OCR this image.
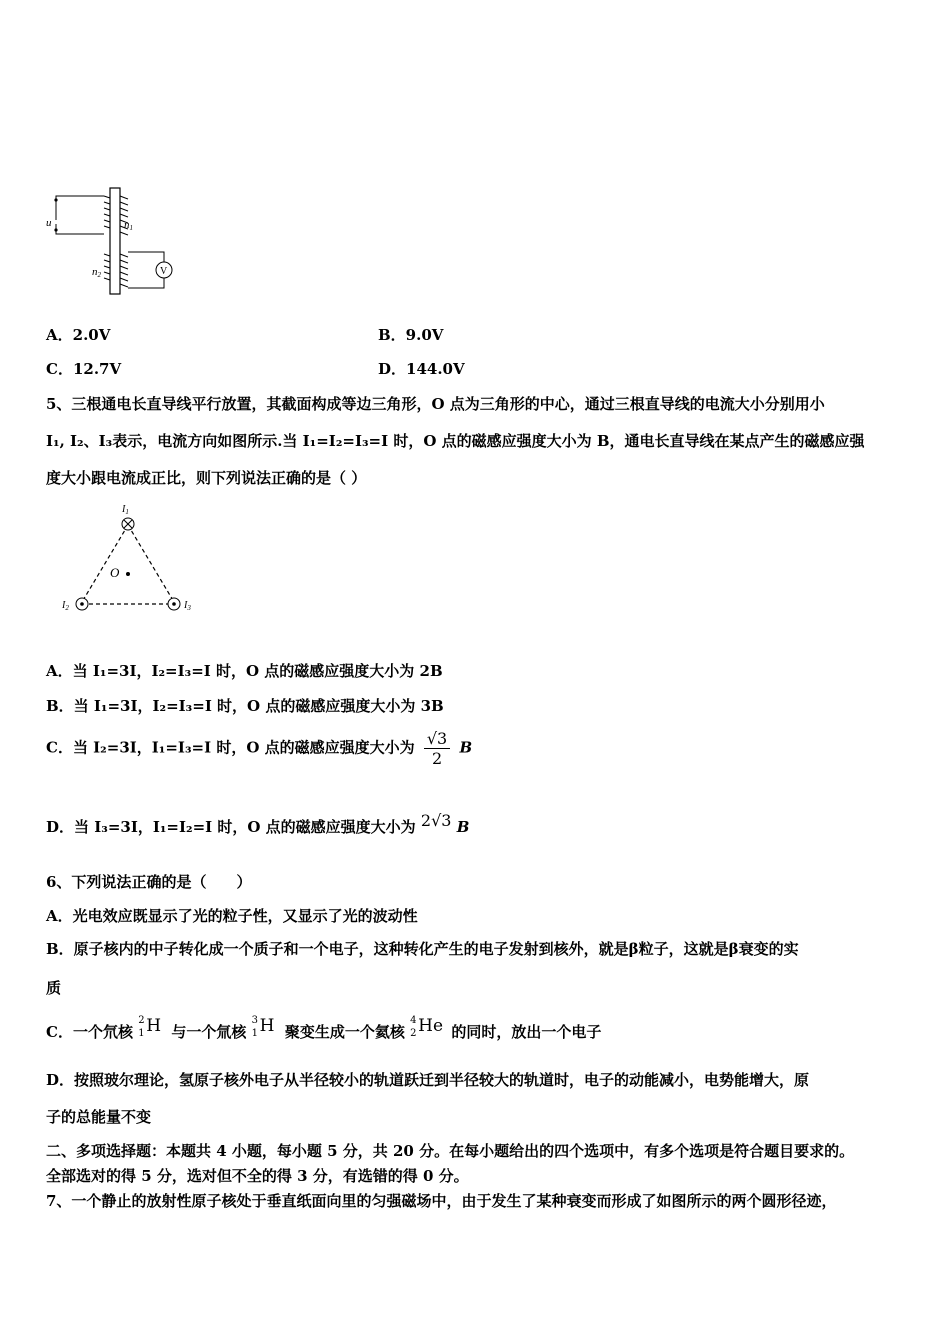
u	n1
n2	V
A．2.0V	B．9.0V
C．12.7V	D．144.0V
5、三根通电长直导线平行放置，其截面构成等边三角形，O 点为三角形的中心，通过三根直导线的电流大小分别用小
I₁, I₂、I₃表示，电流方向如图所示.当 I₁=I₂=I₃=I 时，O 点的磁感应强度大小为 B，通电长直导线在某点产生的磁感应强
度大小跟电流成正比，则下列说法正确的是（ ）
$I_1$
$I_2$	$I_3$
O
A．当 I₁=3I，I₂=I₃=I 时，O 点的磁感应强度大小为 2B
B．当 I₁=3I，I₂=I₃=I 时，O 点的磁感应强度大小为 3B
C．当 I₂=3I，I₁=I₃=I 时，O 点的磁感应强度大小为 $\frac{√3}{2}$ B
D．当 I₃=3I，I₁=I₂=I 时，O 点的磁感应强度大小为 2√3 B
6、下列说法正确的是（　　）
A．光电效应既显示了光的粒子性，又显示了光的波动性
B．原子核内的中子转化成一个质子和一个电子，这种转化产生的电子发射到核外，就是β粒子，这就是β衰变的实
质
C．一个氘核
2
1 H 与一个氚核
3
1 H 聚变生成一个氦核
4
2 He 的同时，放出一个电子
D．按照玻尔理论，氢原子核外电子从半径较小的轨道跃迁到半径较大的轨道时，电子的动能减小，电势能增大，原
子的总能量不变
二、多项选择题：本题共 4 小题，每小题 5 分，共 20 分。在每小题给出的四个选项中，有多个选项是符合题目要求的。
全部选对的得 5 分，选对但不全的得 3 分，有选错的得 0 分。
7、一个静止的放射性原子核处于垂直纸面向里的匀强磁场中，由于发生了某种衰变而形成了如图所示的两个圆形径迹，
